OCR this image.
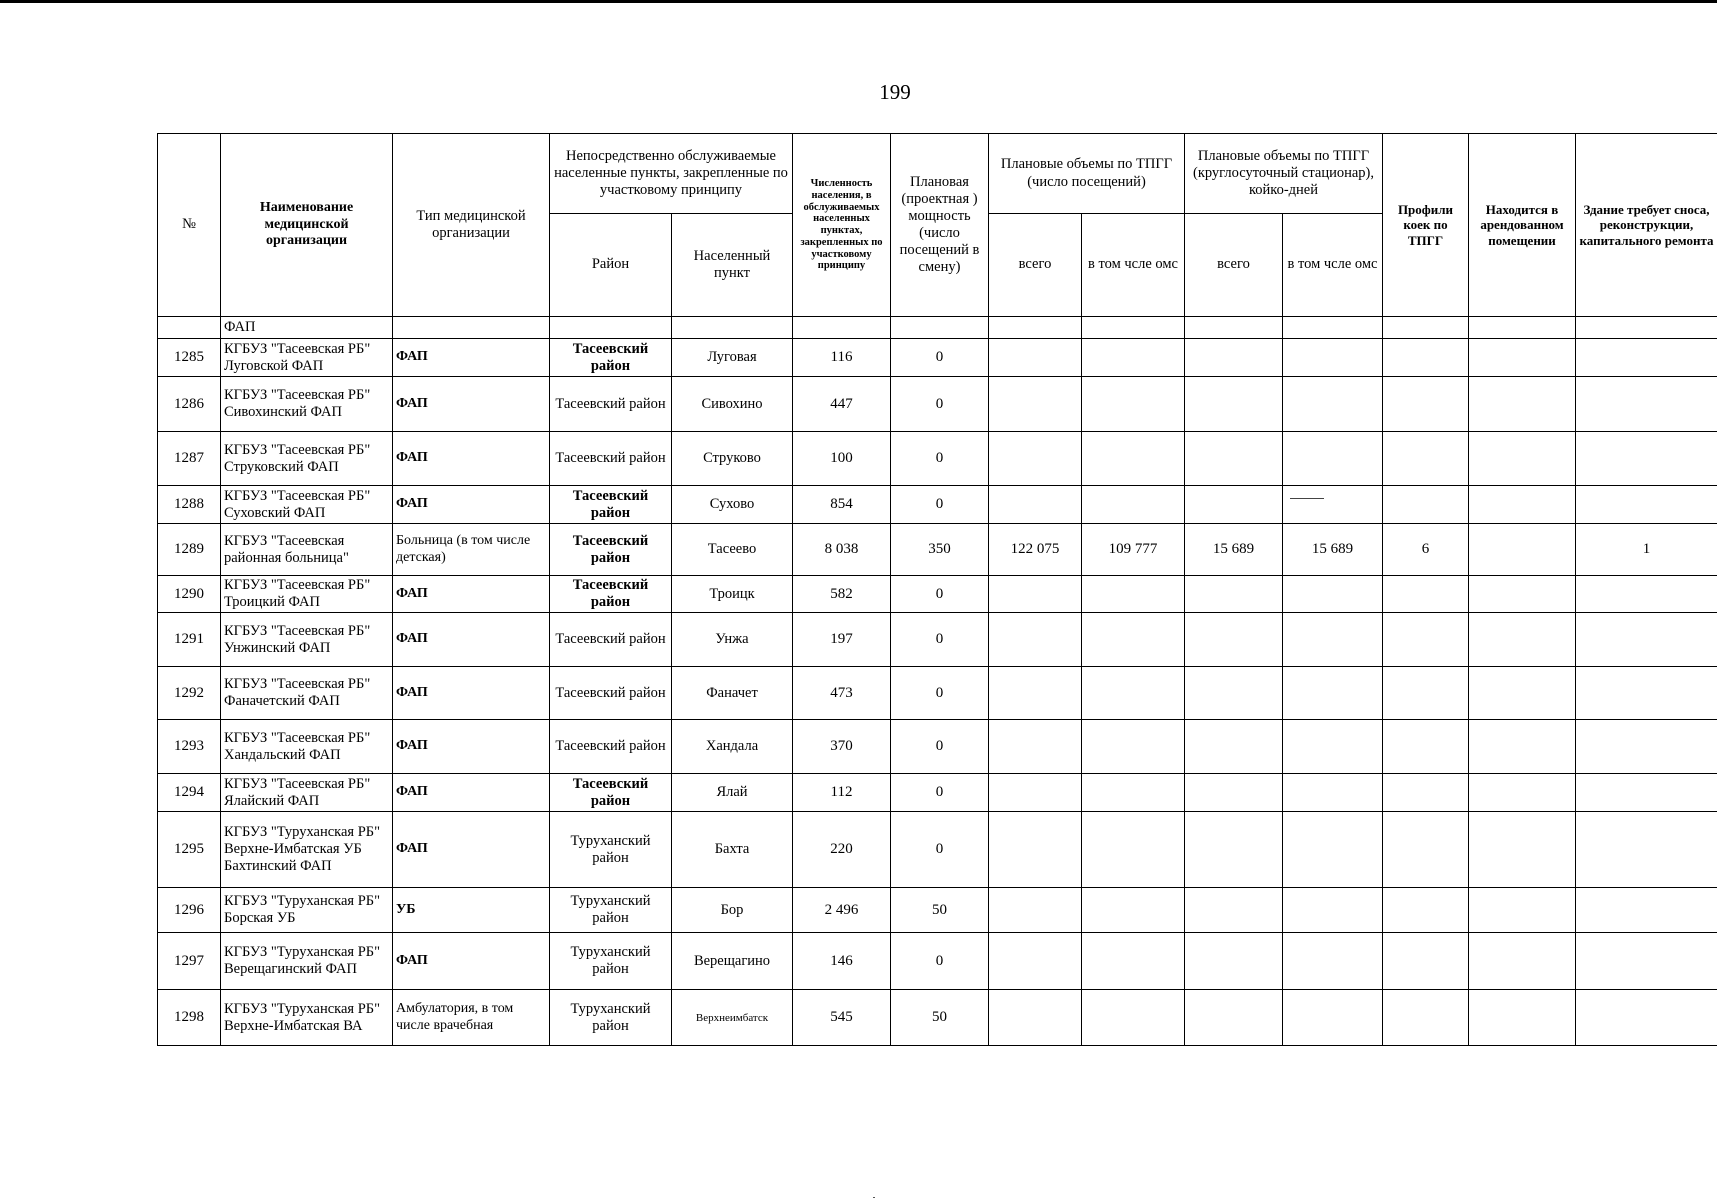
199
№	Наименование медицинской организации	Тип медицинской организации	Непосредственно обслуживаемые населенные пункты, закрепленные по участковому принципу		Численность населения, в обслуживаемых населенных пунктах, закрепленных по участковому принципу	Плановая (проектная ) мощность (число посещений в смену)	Плановые объемы по ТПГГ (число посещений)		Плановые объемы по ТПГГ (круглосуточный стационар), койко-дней		Профили коек по ТПГГ	Находится в арендованном помещении	Здание требует сноса, реконструкции, капитального ремонта
			Район	Населенный пункт			всего	в том чсле омс	всего	в том чсле омс			
	ФАП												
1285	КГБУЗ "Тасеевская РБ" Луговской ФАП	ФАП	Тасеевский район	Луговая	116	0							
1286	КГБУЗ "Тасеевская РБ" Сивохинский ФАП	ФАП	Тасеевский район	Сивохино	447	0							
1287	КГБУЗ "Тасеевская РБ" Струковский ФАП	ФАП	Тасеевский район	Струково	100	0							
1288	КГБУЗ "Тасеевская РБ" Суховский ФАП	ФАП	Тасеевский район	Сухово	854	0							
1289	КГБУЗ "Тасеевская районная больница"	Больница (в том числе детская)	Тасеевский район	Тасеево	8 038	350	122 075	109 777	15 689	15 689	6		1
1290	КГБУЗ "Тасеевская РБ" Троицкий ФАП	ФАП	Тасеевский район	Троицк	582	0							
1291	КГБУЗ "Тасеевская РБ" Унжинский ФАП	ФАП	Тасеевский район	Унжа	197	0							
1292	КГБУЗ "Тасеевская РБ" Фаначетский ФАП	ФАП	Тасеевский район	Фаначет	473	0							
1293	КГБУЗ "Тасеевская РБ" Хандальский ФАП	ФАП	Тасеевский район	Хандала	370	0							
1294	КГБУЗ "Тасеевская РБ" Ялайский ФАП	ФАП	Тасеевский район	Ялай	112	0							
1295	КГБУЗ "Туруханская РБ" Верхне-Имбатская УБ Бахтинский ФАП	ФАП	Туруханский район	Бахта	220	0							
1296	КГБУЗ "Туруханская РБ" Борская УБ	УБ	Туруханский район	Бор	2 496	50							
1297	КГБУЗ "Туруханская РБ" Верещагинский ФАП	ФАП	Туруханский район	Верещагино	146	0							
1298	КГБУЗ "Туруханская РБ" Верхне-Имбатская ВА	Амбулатория, в том числе врачебная	Туруханский район	Верхнеимбатск	545	50							
